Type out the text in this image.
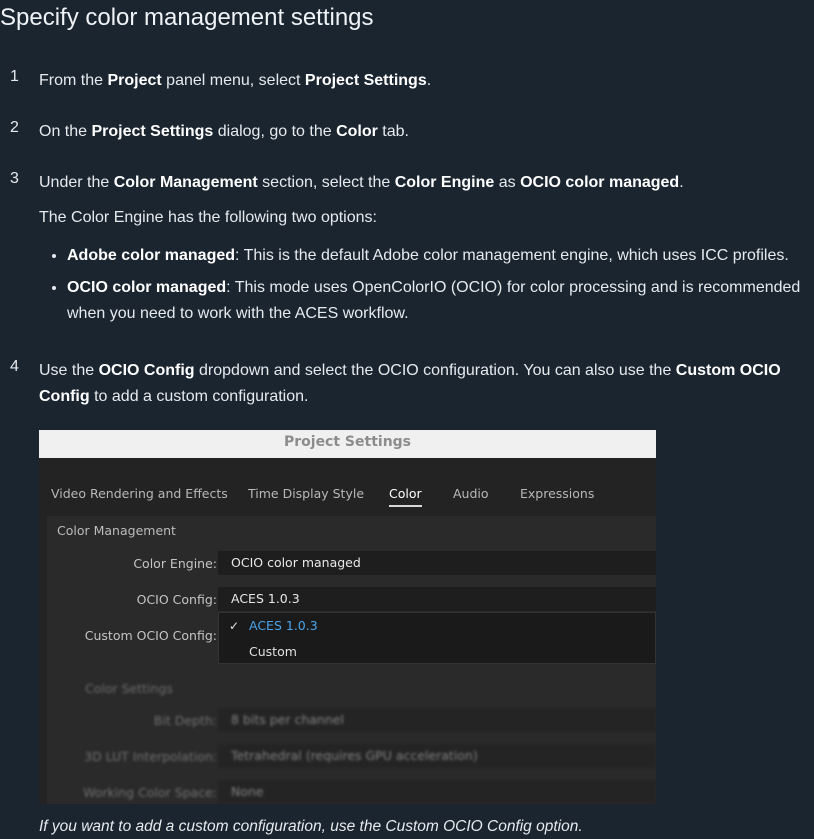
Specify color management settings
1	From the Project panel menu, select Project Settings.
2	On the Project Settings dialog, go to the Color tab.
3	Under the Color Management section, select the Color Engine as OCIO color managed.
The Color Engine has the following two options:
• Adobe color managed: This is the default Adobe color management engine, which uses ICC profiles.
• OCIO color managed: This mode uses OpenColorIO (OCIO) for color processing and is recommended when you need to work with the ACES workflow.
4	Use the OCIO Config dropdown and select the OCIO configuration. You can also use the Custom OCIO Config to add a custom configuration.
Project Settings
Video Rendering and Effects Time Display Style Color	Audio	Expressions
Color Management
Color Engine:	OCIO color managed
OCIO Config:	ACES 1.0.3
Custom OCIO Config:
✓ ACES 1.0.3
Custom
Color Settings
Bit Depth:	8 bits per channel
3D LUT Interpolation:	Tetrahedral (requires GPU acceleration)
Working Color Space:	None
If you want to add a custom configuration, use the Custom OCIO Config option.
